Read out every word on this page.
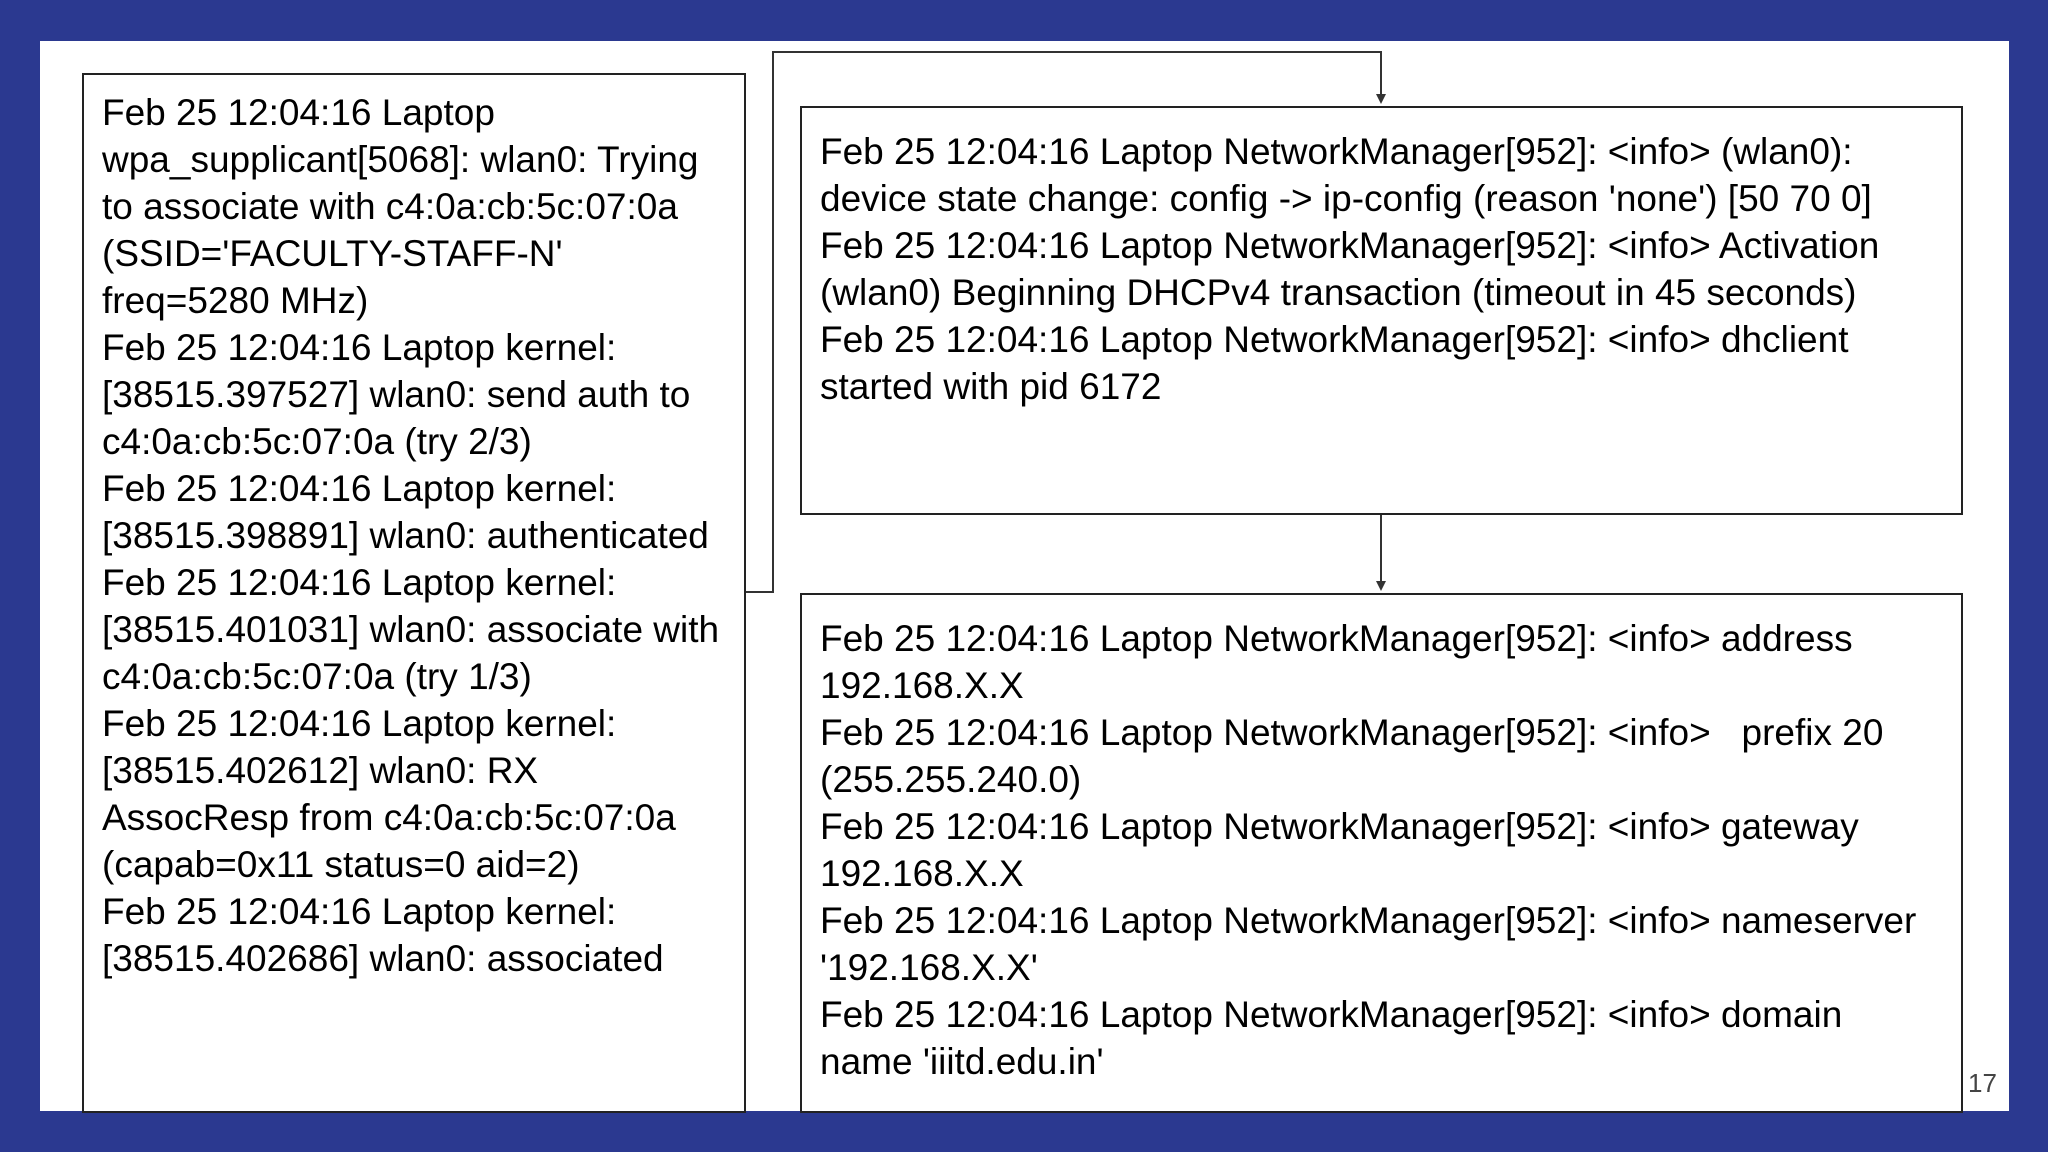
Feb 25 12:04:16 Laptop wpa_supplicant[5068]: wlan0: Trying to associate with c4:0a:cb:5c:07:0a (SSID='FACULTY-STAFF-N' freq=5280 MHz)
Feb 25 12:04:16 Laptop kernel: [38515.397527] wlan0: send auth to c4:0a:cb:5c:07:0a (try 2/3)
Feb 25 12:04:16 Laptop kernel: [38515.398891] wlan0: authenticated
Feb 25 12:04:16 Laptop kernel: [38515.401031] wlan0: associate with c4:0a:cb:5c:07:0a (try 1/3)
Feb 25 12:04:16 Laptop kernel: [38515.402612] wlan0: RX AssocResp from c4:0a:cb:5c:07:0a (capab=0x11 status=0 aid=2)
Feb 25 12:04:16 Laptop kernel: [38515.402686] wlan0: associated
Feb 25 12:04:16 Laptop NetworkManager[952]: <info> (wlan0): device state change: config -> ip-config (reason 'none') [50 70 0]
Feb 25 12:04:16 Laptop NetworkManager[952]: <info> Activation (wlan0) Beginning DHCPv4 transaction (timeout in 45 seconds)
Feb 25 12:04:16 Laptop NetworkManager[952]: <info> dhclient started with pid 6172
Feb 25 12:04:16 Laptop NetworkManager[952]: <info> address 192.168.X.X
Feb 25 12:04:16 Laptop NetworkManager[952]: <info>   prefix 20 (255.255.240.0)
Feb 25 12:04:16 Laptop NetworkManager[952]: <info> gateway 192.168.X.X
Feb 25 12:04:16 Laptop NetworkManager[952]: <info> nameserver '192.168.X.X'
Feb 25 12:04:16 Laptop NetworkManager[952]: <info> domain name 'iiitd.edu.in'
17
